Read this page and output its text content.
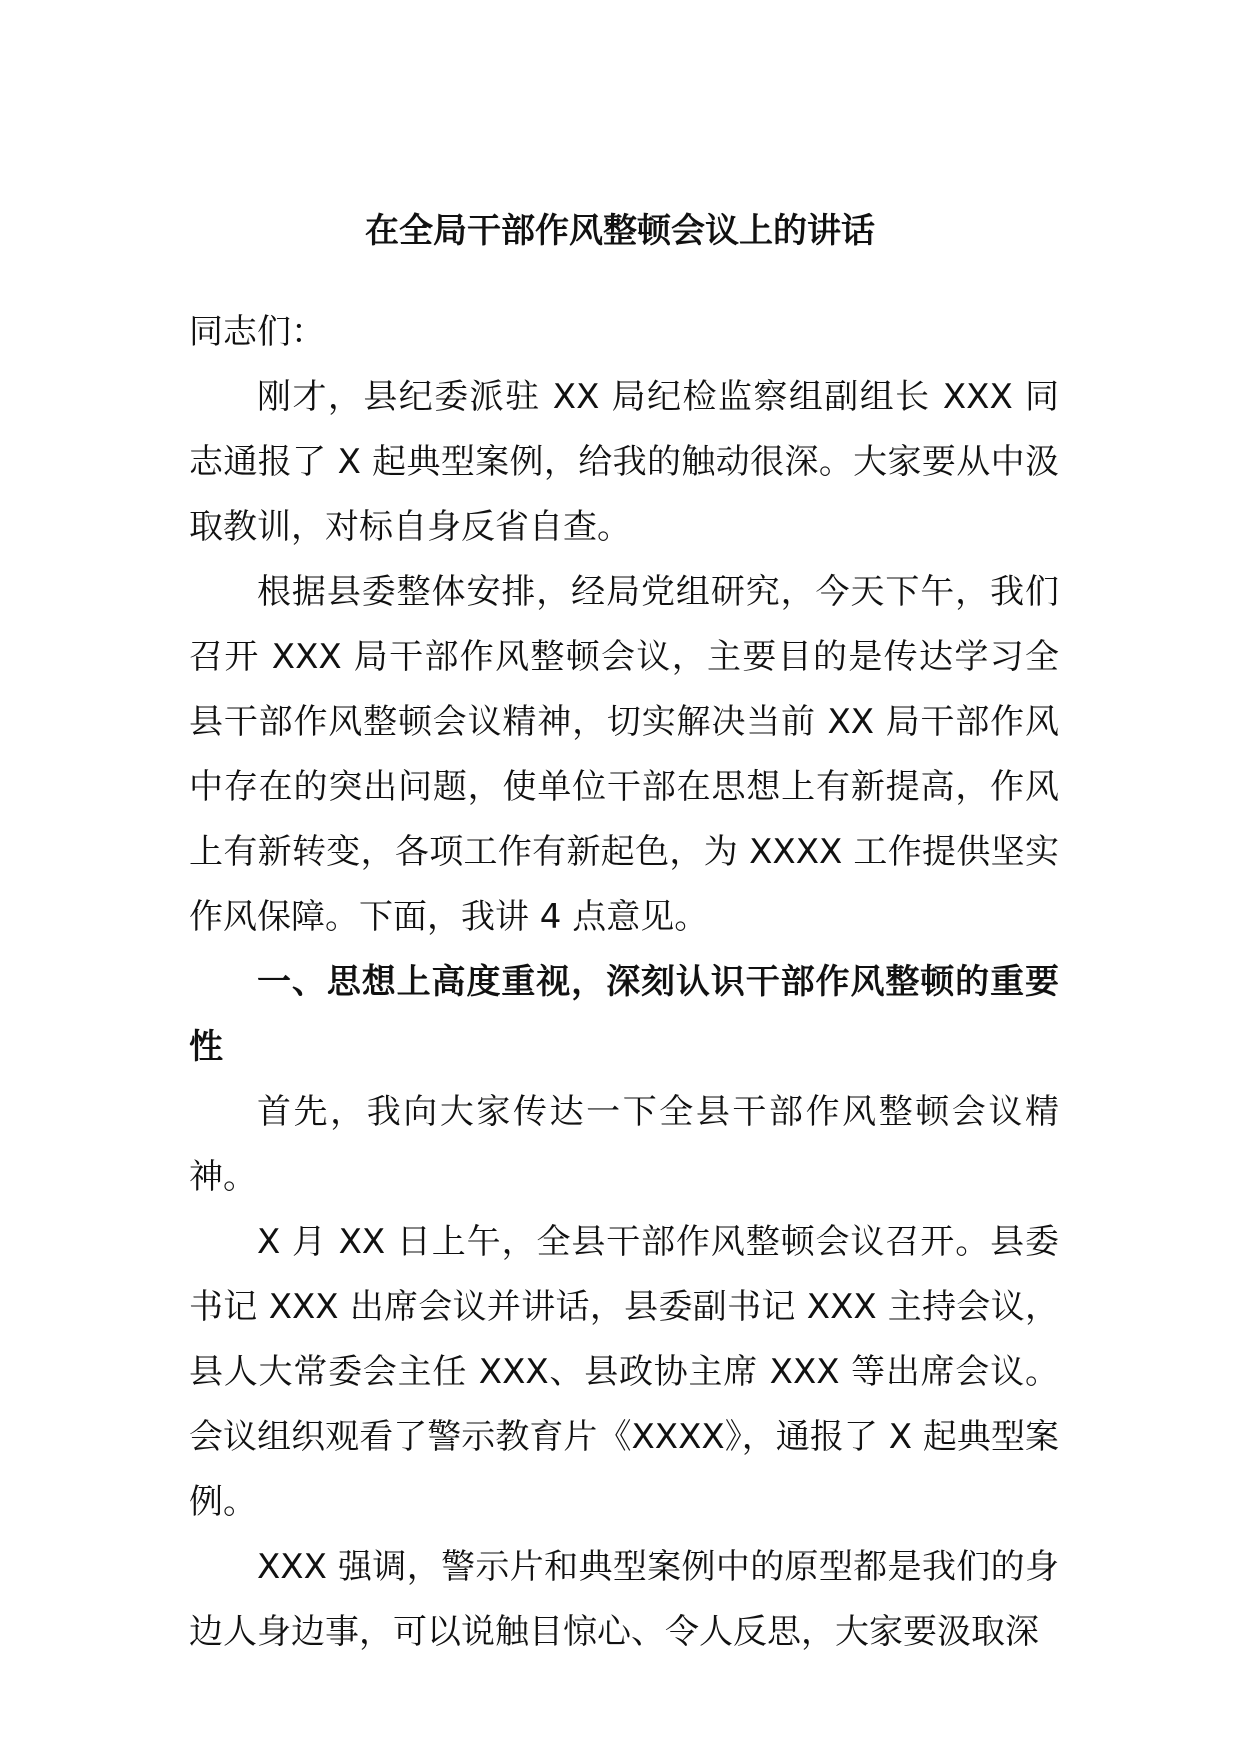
在全局干部作风整顿会议上的讲话

同志们：

刚才，县纪委派驻 XX 局纪检监察组副组长 XXX 同志通报了 X 起典型案例，给我的触动很深。大家要从中汲取教训，对标自身反省自查。

根据县委整体安排，经局党组研究，今天下午，我们召开 XXX 局干部作风整顿会议，主要目的是传达学习全县干部作风整顿会议精神，切实解决当前 XX 局干部作风中存在的突出问题，使单位干部在思想上有新提高，作风上有新转变，各项工作有新起色，为 XXXX 工作提供坚实作风保障。下面，我讲 4 点意见。

一、思想上高度重视，深刻认识干部作风整顿的重要性

首先，我向大家传达一下全县干部作风整顿会议精神。

X 月 XX 日上午，全县干部作风整顿会议召开。县委书记 XXX 出席会议并讲话，县委副书记 XXX 主持会议，县人大常委会主任 XXX、县政协主席 XXX 等出席会议。会议组织观看了警示教育片《XXXX》，通报了 X 起典型案例。

XXX 强调，警示片和典型案例中的原型都是我们的身边人身边事，可以说触目惊心、令人反思，大家要汲取深
